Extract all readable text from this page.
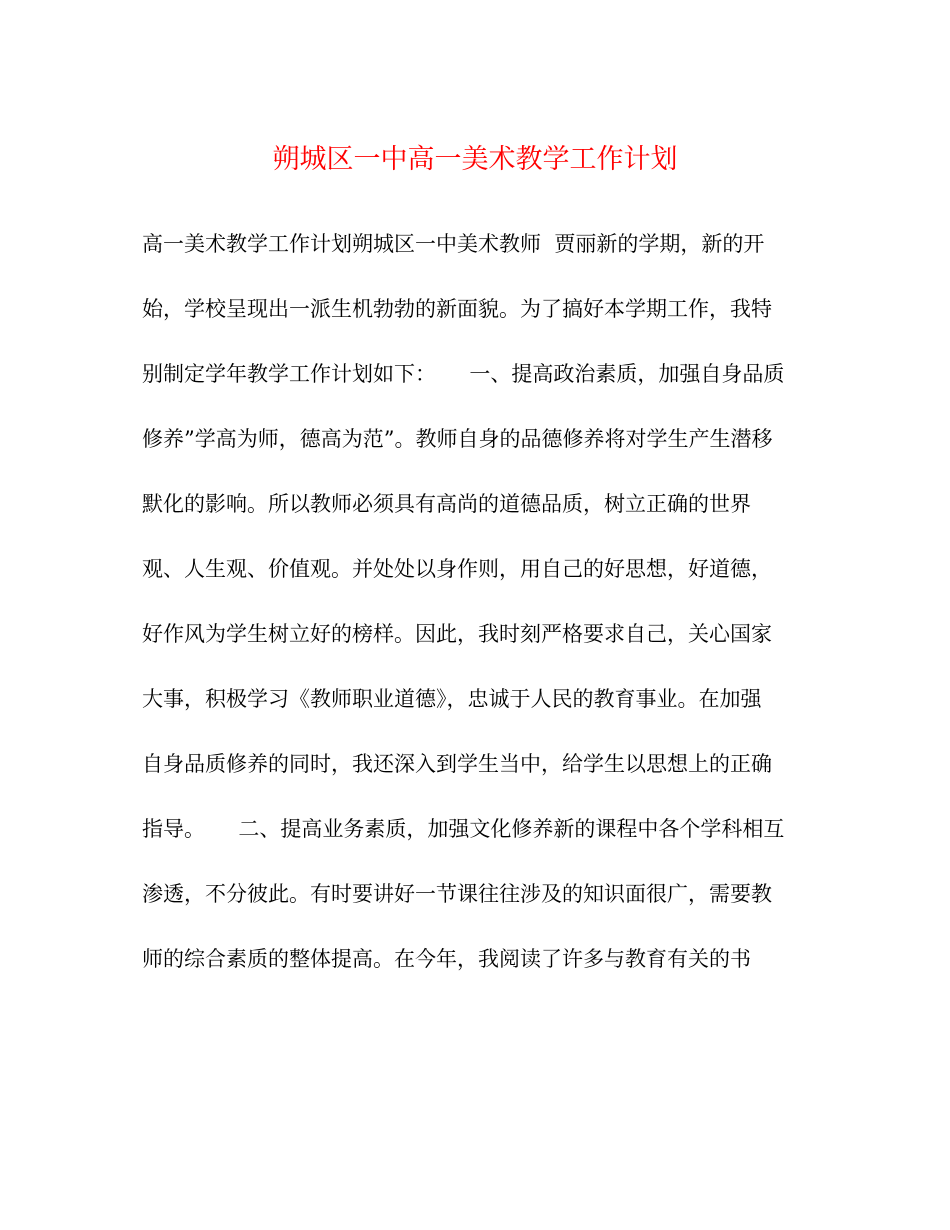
朔城区一中高一美术教学工作计划
高一美术教学工作计划朔城区一中美术教师  贾丽新的学期，新的开
始，学校呈现出一派生机勃勃的新面貌。为了搞好本学期工作，我特
别制定学年教学工作计划如下：     一、提高政治素质，加强自身品质
修养”学高为师，德高为范”。教师自身的品德修养将对学生产生潜移
默化的影响。所以教师必须具有高尚的道德品质，树立正确的世界
观、人生观、价值观。并处处以身作则，用自己的好思想，好道德，
好作风为学生树立好的榜样。因此，我时刻严格要求自己，关心国家
大事，积极学习《教师职业道德》，忠诚于人民的教育事业。在加强
自身品质修养的同时，我还深入到学生当中，给学生以思想上的正确
指导。     二、提高业务素质，加强文化修养新的课程中各个学科相互
渗透，不分彼此。有时要讲好一节课往往涉及的知识面很广，需要教
师的综合素质的整体提高。在今年，我阅读了许多与教育有关的书
